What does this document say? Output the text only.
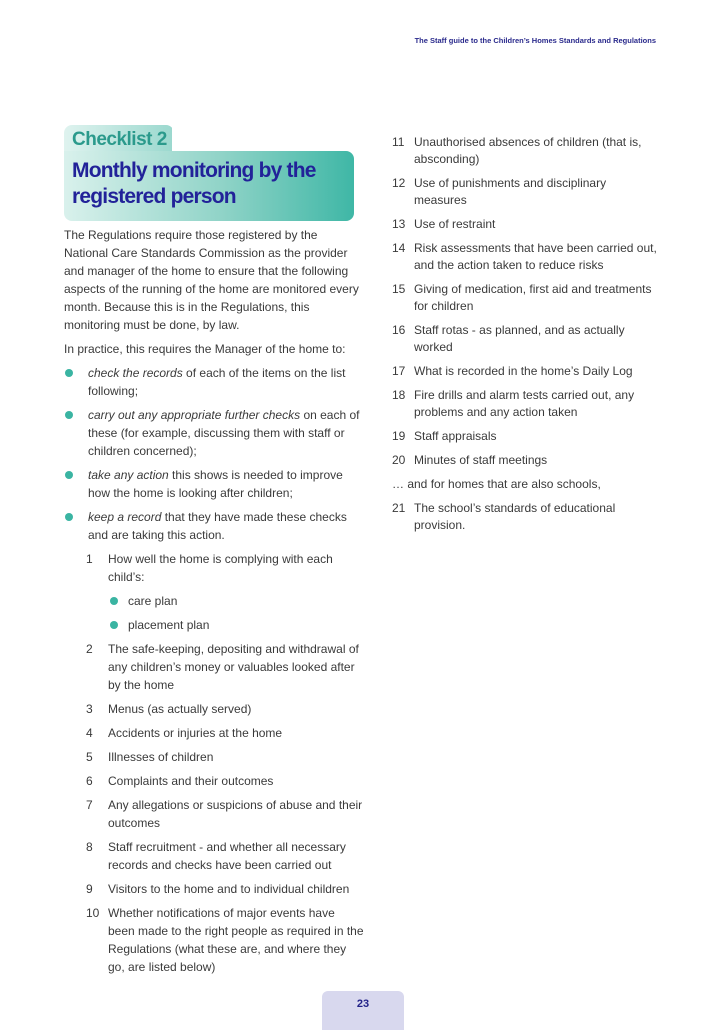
The Staff guide to the Children’s Homes Standards and Regulations
Checklist 2
Monthly monitoring by the registered person

The Regulations require those registered by the National Care Standards Commission as the provider and manager of the home to ensure that the following aspects of the running of the home are monitored every month. Because this is in the Regulations, this monitoring must be done, by law.

In practice, this requires the Manager of the home to:

check the records of each of the items on the list following;
carry out any appropriate further checks on each of these (for example, discussing them with staff or children concerned);
take any action this shows is needed to improve how the home is looking after children;
keep a record that they have made these checks and are taking this action.
1 How well the home is complying with each child’s:
care plan
placement plan
2 The safe-keeping, depositing and withdrawal of any children’s money or valuables looked after by the home
3 Menus (as actually served)
4 Accidents or injuries at the home
5 Illnesses of children
6 Complaints and their outcomes
7 Any allegations or suspicions of abuse and their outcomes
8 Staff recruitment - and whether all necessary records and checks have been carried out
9 Visitors to the home and to individual children
10 Whether notifications of major events have been made to the right people as required in the Regulations (what these are, and where they go, are listed below)
11 Unauthorised absences of children (that is, absconding)
12 Use of punishments and disciplinary measures
13 Use of restraint
14 Risk assessments that have been carried out, and the action taken to reduce risks
15 Giving of medication, first aid and treatments for children
16 Staff rotas - as planned, and as actually worked
17 What is recorded in the home’s Daily Log
18 Fire drills and alarm tests carried out, any problems and any action taken
19 Staff appraisals
20 Minutes of staff meetings
… and for homes that are also schools,
21 The school’s standards of educational provision.
23
